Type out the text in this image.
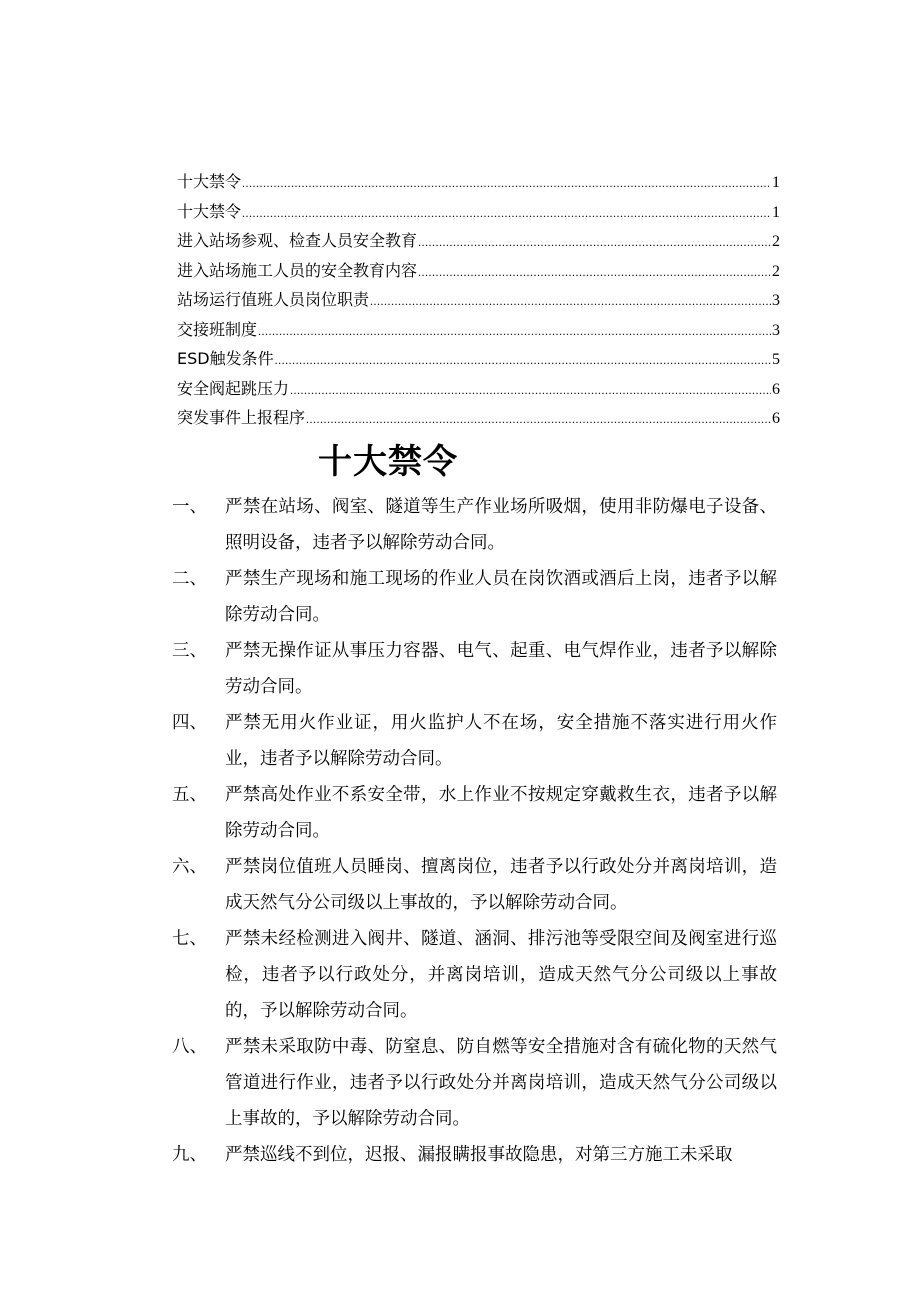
十大禁令 .....	1
十大禁令 .....	1
进入站场参观、检查人员安全教育 .....	2
进入站场施工人员的安全教育内容 .....	2
站场运行值班人员岗位职责 .....	3
交接班制度 .....	3
ESD触发条件 .....	5
安全阀起跳压力 .....	6
突发事件上报程序 .....	6
十大禁令
一、	严禁在站场、阀室、隧道等生产作业场所吸烟，使用非防爆电子设备、照明设备，违者予以解除劳动合同。
二、	严禁生产现场和施工现场的作业人员在岗饮酒或酒后上岗，违者予以解除劳动合同。
三、	严禁无操作证从事压力容器、电气、起重、电气焊作业，违者予以解除劳动合同。
四、	严禁无用火作业证，用火监护人不在场，安全措施不落实进行用火作业，违者予以解除劳动合同。
五、	严禁高处作业不系安全带，水上作业不按规定穿戴救生衣，违者予以解除劳动合同。
六、	严禁岗位值班人员睡岗、擅离岗位，违者予以行政处分并离岗培训，造成天然气分公司级以上事故的，予以解除劳动合同。
七、	严禁未经检测进入阀井、隧道、涵洞、排污池等受限空间及阀室进行巡检，违者予以行政处分，并离岗培训，造成天然气分公司级以上事故的，予以解除劳动合同。
八、	严禁未采取防中毒、防窒息、防自燃等安全措施对含有硫化物的天然气管道进行作业，违者予以行政处分并离岗培训，造成天然气分公司级以上事故的，予以解除劳动合同。
九、	严禁巡线不到位，迟报、漏报瞒报事故隐患，对第三方施工未采取
